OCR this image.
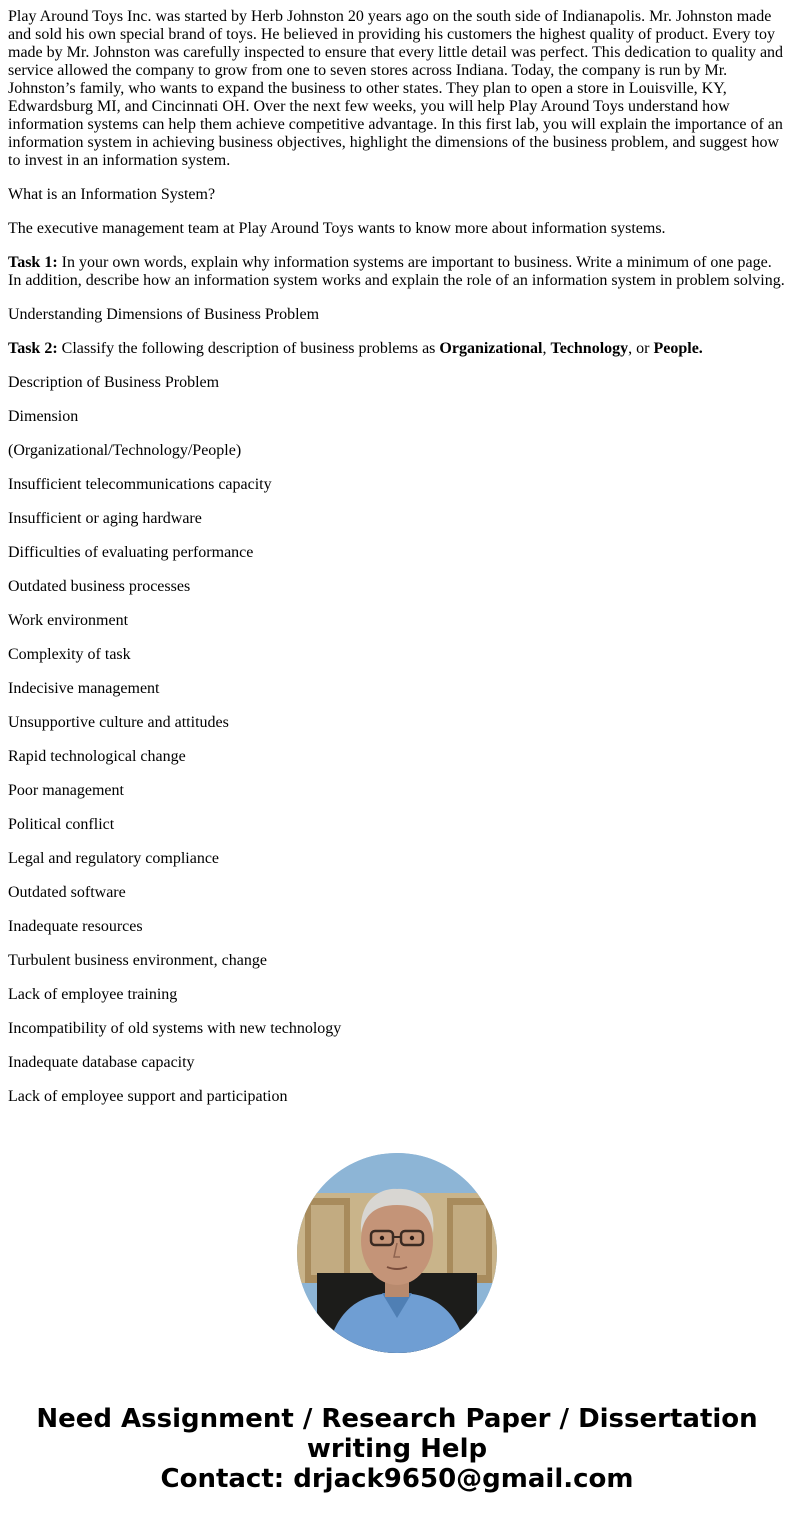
Play Around Toys Inc. was started by Herb Johnston 20 years ago on the south side of Indianapolis. Mr. Johnston made and sold his own special brand of toys. He believed in providing his customers the highest quality of product. Every toy made by Mr. Johnston was carefully inspected to ensure that every little detail was perfect. This dedication to quality and service allowed the company to grow from one to seven stores across Indiana. Today, the company is run by Mr. Johnston’s family, who wants to expand the business to other states. They plan to open a store in Louisville, KY, Edwardsburg MI, and Cincinnati OH. Over the next few weeks, you will help Play Around Toys understand how information systems can help them achieve competitive advantage. In this first lab, you will explain the importance of an information system in achieving business objectives, highlight the dimensions of the business problem, and suggest how to invest in an information system.

What is an Information System?

The executive management team at Play Around Toys wants to know more about information systems.

Task 1: In your own words, explain why information systems are important to business. Write a minimum of one page. In addition, describe how an information system works and explain the role of an information system in problem solving.

Understanding Dimensions of Business Problem

Task 2: Classify the following description of business problems as Organizational, Technology, or People.

Description of Business Problem

Dimension

(Organizational/Technology/People)

Insufficient telecommunications capacity

Insufficient or aging hardware

Difficulties of evaluating performance

Outdated business processes

Work environment

Complexity of task

Indecisive management

Unsupportive culture and attitudes

Rapid technological change

Poor management

Political conflict

Legal and regulatory compliance

Outdated software

Inadequate resources

Turbulent business environment, change

Lack of employee training

Incompatibility of old systems with new technology

Inadequate database capacity

Lack of employee support and participation

Need Assignment / Research Paper / Dissertation
writing Help
Contact: drjack9650@gmail.com
